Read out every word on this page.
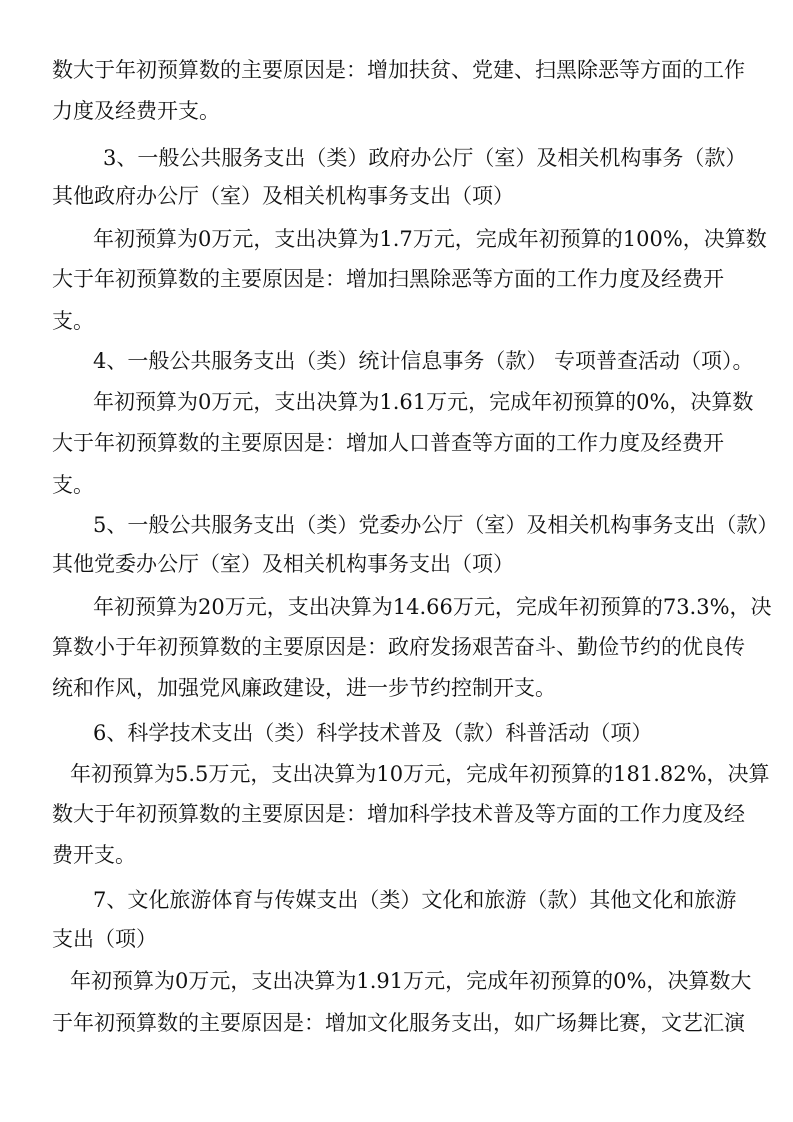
数大于年初预算数的主要原因是：增加扶贫、党建、扫黑除恶等方面的工作
力度及经费开支。
3、一般公共服务支出（类）政府办公厅（室）及相关机构事务（款）
其他政府办公厅（室）及相关机构事务支出（项）
年初预算为0万元，支出决算为1.7万元，完成年初预算的100%，决算数
大于年初预算数的主要原因是：增加扫黑除恶等方面的工作力度及经费开
支。
4、一般公共服务支出（类）统计信息事务（款） 专项普查活动（项）。
年初预算为0万元，支出决算为1.61万元，完成年初预算的0%，决算数
大于年初预算数的主要原因是：增加人口普查等方面的工作力度及经费开
支。
5、一般公共服务支出（类）党委办公厅（室）及相关机构事务支出（款）
其他党委办公厅（室）及相关机构事务支出（项）
年初预算为20万元，支出决算为14.66万元，完成年初预算的73.3%，决
算数小于年初预算数的主要原因是：政府发扬艰苦奋斗、勤俭节约的优良传
统和作风，加强党风廉政建设，进一步节约控制开支。
6、科学技术支出（类）科学技术普及（款）科普活动（项）
年初预算为5.5万元，支出决算为10万元，完成年初预算的181.82%，决算
数大于年初预算数的主要原因是：增加科学技术普及等方面的工作力度及经
费开支。
7、文化旅游体育与传媒支出（类）文化和旅游（款）其他文化和旅游
支出（项）
年初预算为0万元，支出决算为1.91万元，完成年初预算的0%，决算数大
于年初预算数的主要原因是：增加文化服务支出，如广场舞比赛，文艺汇演
